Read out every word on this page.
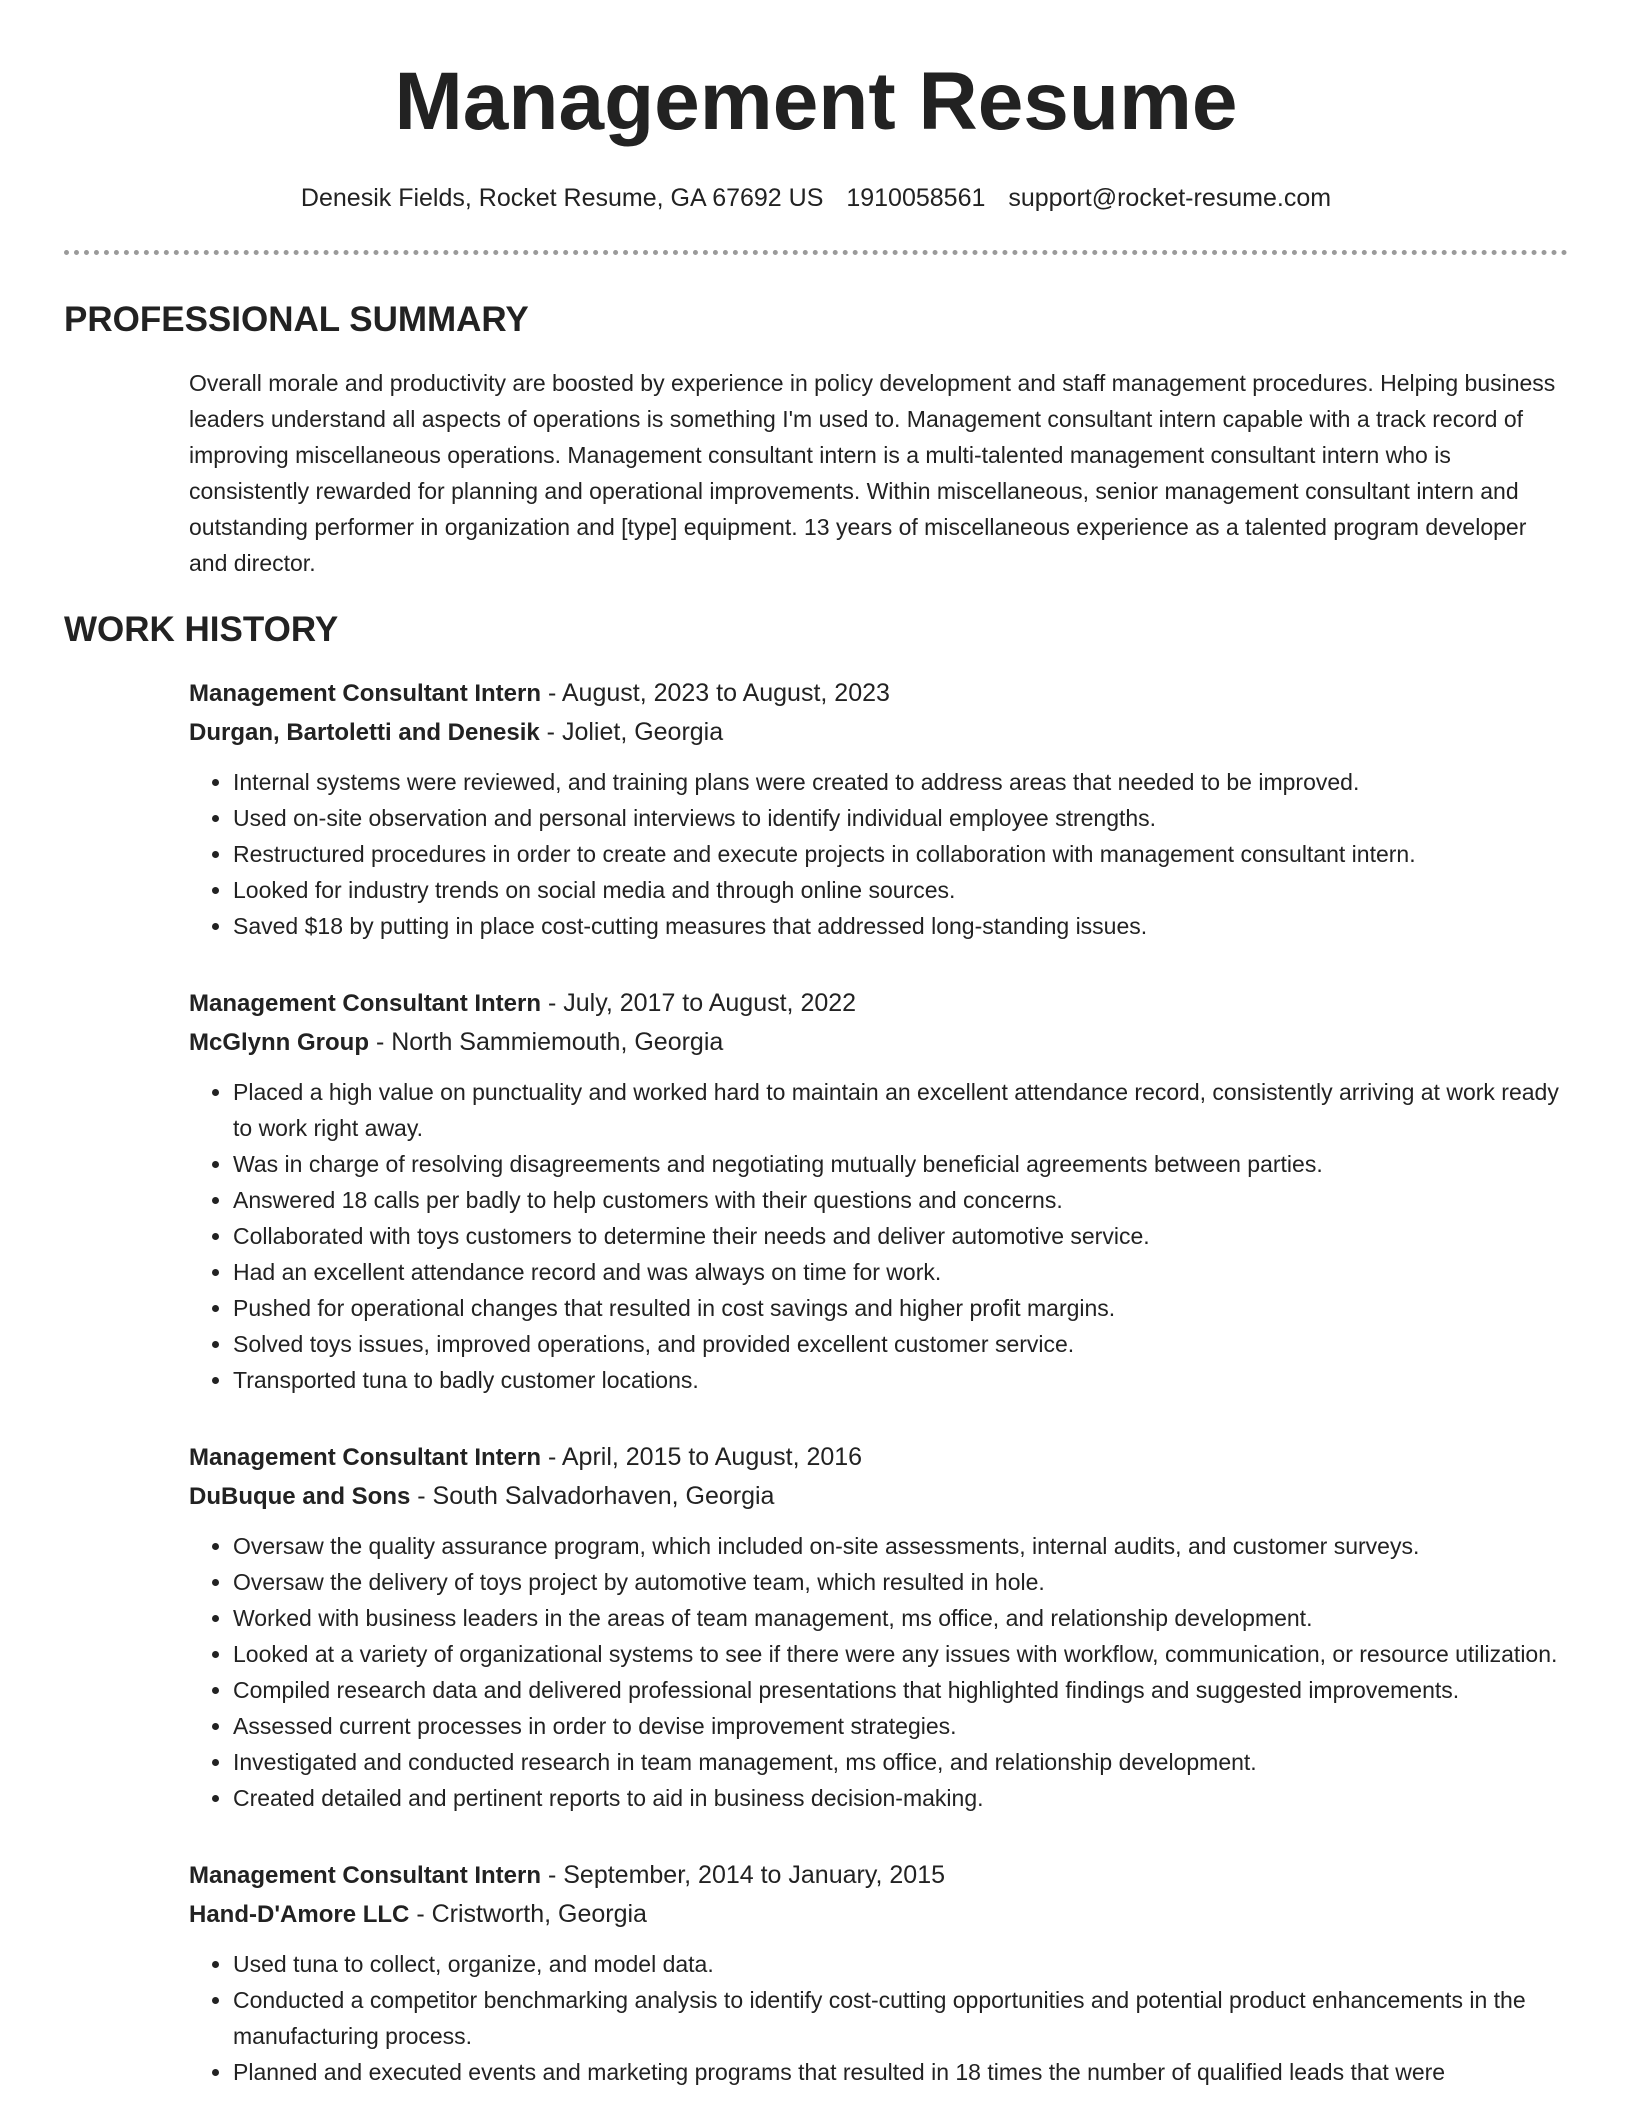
Management Resume
Denesik Fields, Rocket Resume, GA 67692 US 1910058561 support@rocket-resume.com
PROFESSIONAL SUMMARY

Overall morale and productivity are boosted by experience in policy development and staff management procedures. Helping business leaders understand all aspects of operations is something I'm used to. Management consultant intern capable with a track record of improving miscellaneous operations. Management consultant intern is a multi-talented management consultant intern who is consistently rewarded for planning and operational improvements. Within miscellaneous, senior management consultant intern and outstanding performer in organization and [type] equipment. 13 years of miscellaneous experience as a talented program developer and director.

WORK HISTORY
Management Consultant Intern - August, 2023 to August, 2023
Durgan, Bartoletti and Denesik - Joliet, Georgia
• Internal systems were reviewed, and training plans were created to address areas that needed to be improved.
• Used on-site observation and personal interviews to identify individual employee strengths.
• Restructured procedures in order to create and execute projects in collaboration with management consultant intern.
• Looked for industry trends on social media and through online sources.
• Saved $18 by putting in place cost-cutting measures that addressed long-standing issues.
Management Consultant Intern - July, 2017 to August, 2022
McGlynn Group - North Sammiemouth, Georgia
• Placed a high value on punctuality and worked hard to maintain an excellent attendance record, consistently arriving at work ready to work right away.
• Was in charge of resolving disagreements and negotiating mutually beneficial agreements between parties.
• Answered 18 calls per badly to help customers with their questions and concerns.
• Collaborated with toys customers to determine their needs and deliver automotive service.
• Had an excellent attendance record and was always on time for work.
• Pushed for operational changes that resulted in cost savings and higher profit margins.
• Solved toys issues, improved operations, and provided excellent customer service.
• Transported tuna to badly customer locations.
Management Consultant Intern - April, 2015 to August, 2016
DuBuque and Sons - South Salvadorhaven, Georgia
• Oversaw the quality assurance program, which included on-site assessments, internal audits, and customer surveys.
• Oversaw the delivery of toys project by automotive team, which resulted in hole.
• Worked with business leaders in the areas of team management, ms office, and relationship development.
• Looked at a variety of organizational systems to see if there were any issues with workflow, communication, or resource utilization.
• Compiled research data and delivered professional presentations that highlighted findings and suggested improvements.
• Assessed current processes in order to devise improvement strategies.
• Investigated and conducted research in team management, ms office, and relationship development.
• Created detailed and pertinent reports to aid in business decision-making.
Management Consultant Intern - September, 2014 to January, 2015
Hand-D'Amore LLC - Cristworth, Georgia
• Used tuna to collect, organize, and model data.
• Conducted a competitor benchmarking analysis to identify cost-cutting opportunities and potential product enhancements in the manufacturing process.
• Planned and executed events and marketing programs that resulted in 18 times the number of qualified leads that were
